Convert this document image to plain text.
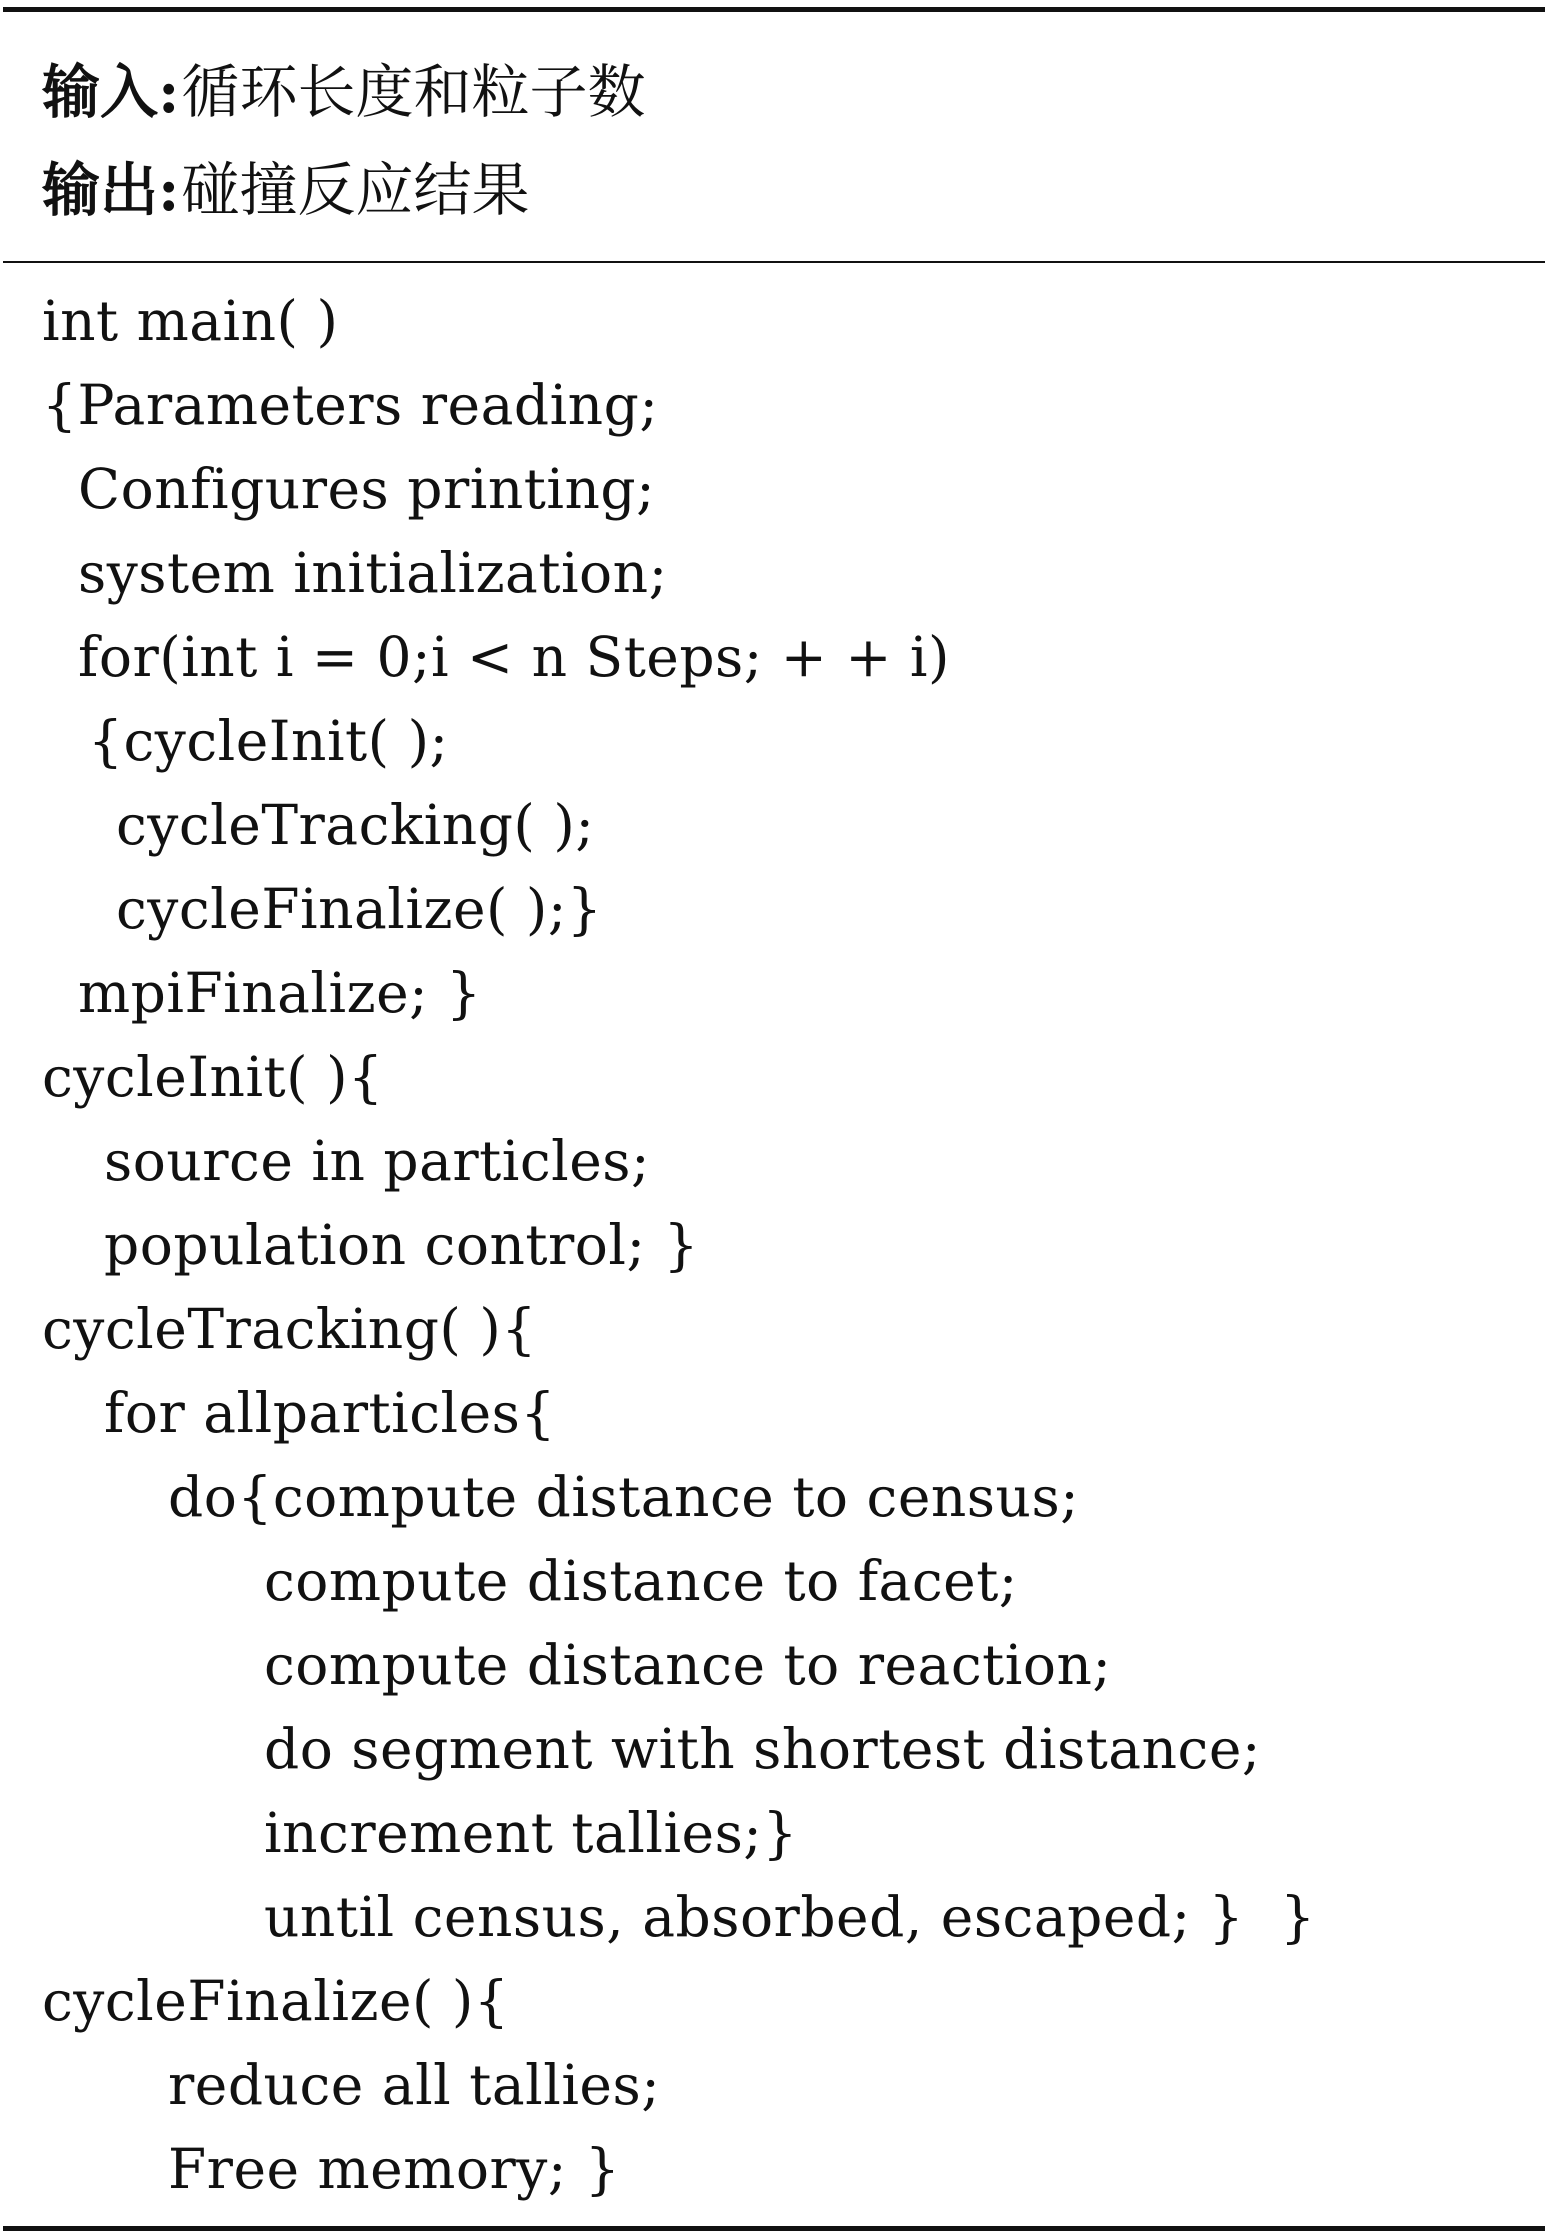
输入:循环长度和粒子数
输出:碰撞反应结果
int main( )
{Parameters reading;
Configures printing;
system initialization;
for(int i = 0;i < n Steps; + + i)
{cycleInit( );
cycleTracking( );
cycleFinalize( );}
mpiFinalize; }
cycleInit( ){
source in particles;
population control; }
cycleTracking( ){
for allparticles{
do{compute distance to census;
compute distance to facet;
compute distance to reaction;
do segment with shortest distance;
increment tallies;}
until census, absorbed, escaped; }  }
cycleFinalize( ){
reduce all tallies;
Free memory; }
